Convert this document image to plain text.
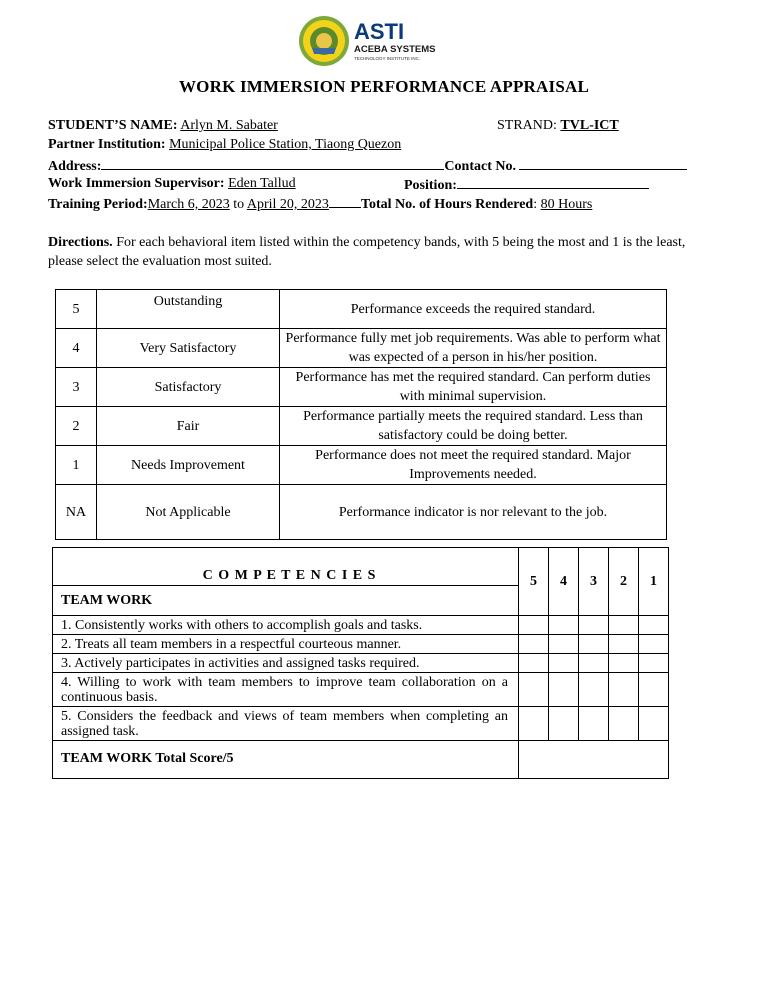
ASTI
ACEBA SYSTEMS
TECHNOLOGY INSTITUTE INC.
WORK IMMERSION PERFORMANCE APPRAISAL
STUDENT’S NAME: Arlyn M. Sabater	STRAND: TVL-ICT
Partner Institution: Municipal Police Station, Tiaong Quezon
Address:	Contact No.
Work Immersion Supervisor: Eden Tallud	Position:
Training Period:March 6, 2023 to April 20, 2023 Total No. of Hours Rendered: 80 Hours
Directions. For each behavioral item listed within the competency bands, with 5 being the most and 1 is the least, please select the evaluation most suited.
5	Outstanding	Performance exceeds the required standard.
4	Very Satisfactory	Performance fully met job requirements. Was able to perform what was expected of a person in his/her position.
3	Satisfactory	Performance has met the required standard. Can perform duties with minimal supervision.
2	Fair	Performance partially meets the required standard. Less than satisfactory could be doing better.
1	Needs Improvement	Performance does not meet the required standard. Major Improvements needed.
NA	Not Applicable	Performance indicator is nor relevant to the job.
C O M P E T E N C I E S	5	4	3	2	1
TEAM WORK					
1. Consistently works with others to accomplish goals and tasks.					
2. Treats all team members in a respectful courteous manner.					
3. Actively participates in activities and assigned tasks required.					
4. Willing to work with team members to improve team collaboration on a continuous basis.					
5. Considers the feedback and views of team members when completing an assigned task.					
TEAM WORK Total Score/5					
